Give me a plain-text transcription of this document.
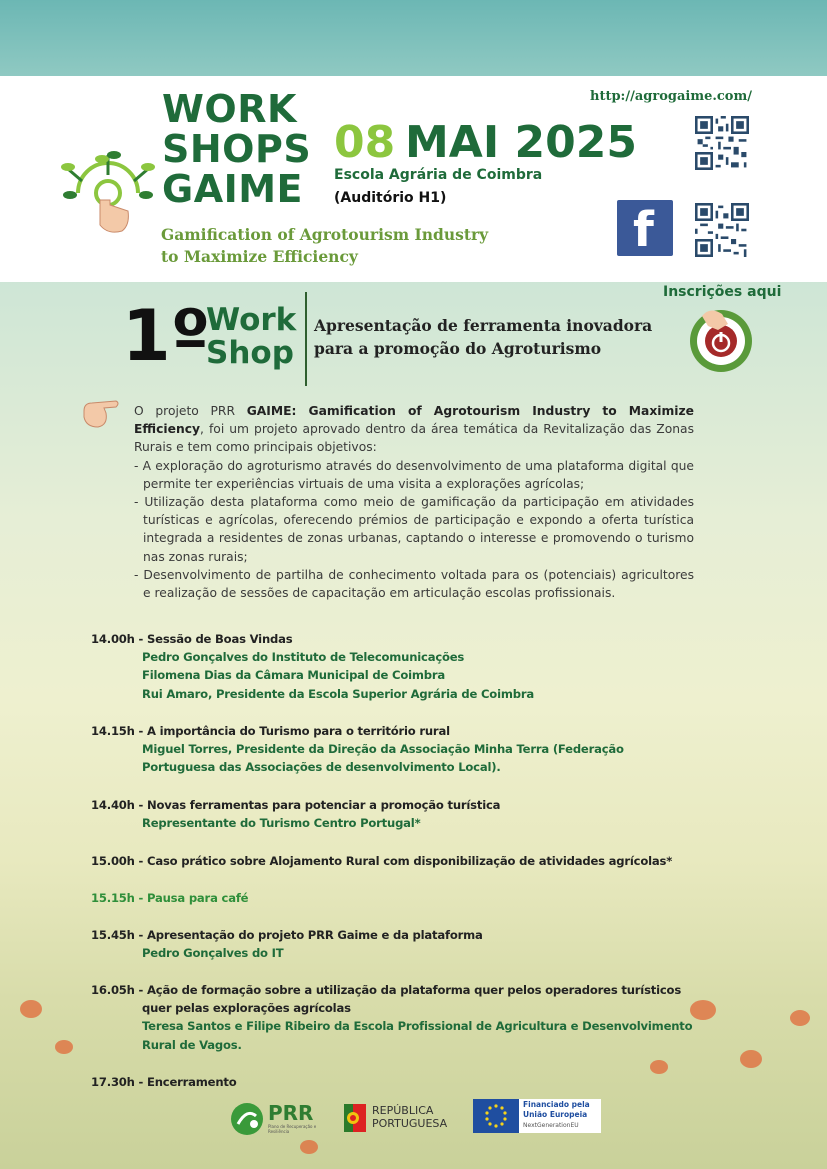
WORK
SHOPS
GAIME
Gamification of Agrotourism Industry
to Maximize Efficiency
08 MAI 2025
Escola Agrária de Coimbra
(Auditório H1)
http://agrogaime.com/
f
1º
Work
Shop
Apresentação de ferramenta inovadora
para a promoção do Agroturismo
Inscrições aqui
O projeto PRR GAIME: Gamification of Agrotourism Industry to Maximize Efficiency, foi um projeto aprovado dentro da área temática da Revitalização das Zonas Rurais e tem como principais objetivos:
- A exploração do agroturismo através do desenvolvimento de uma plataforma digital que permite ter experiências virtuais de uma visita a explorações agrícolas;
- Utilização desta plataforma como meio de gamificação da participação em atividades turísticas e agrícolas, oferecendo prémios de participação e expondo a oferta turística integrada a residentes de zonas urbanas, captando o interesse e promovendo o turismo nas zonas rurais;
- Desenvolvimento de partilha de conhecimento voltada para os (potenciais) agricultores e realização de sessões de capacitação em articulação escolas profissionais.
14.00h - Sessão de Boas Vindas
Pedro Gonçalves do Instituto de Telecomunicações
Filomena Dias da Câmara Municipal de Coimbra
Rui Amaro, Presidente da Escola Superior Agrária de Coimbra
14.15h - A importância do Turismo para o território rural
Miguel Torres, Presidente da Direção da Associação Minha Terra (Federação
Portuguesa das Associações de desenvolvimento Local).
14.40h - Novas ferramentas para potenciar a promoção turística
Representante do Turismo Centro Portugal*
15.00h - Caso prático sobre Alojamento Rural com disponibilização de atividades agrícolas*
15.15h - Pausa para café
15.45h - Apresentação do projeto PRR Gaime e da plataforma
Pedro Gonçalves do IT
16.05h - Ação de formação sobre a utilização da plataforma quer pelos operadores turísticos
quer pelas explorações agrícolas
Teresa Santos e Filipe Ribeiro da Escola Profissional de Agricultura e Desenvolvimento
Rural de Vagos.
17.30h - Encerramento
PRR
Plano de Recuperação e Resiliência
REPÚBLICA
PORTUGUESA
Financiado pela
União Europeia
NextGenerationEU
